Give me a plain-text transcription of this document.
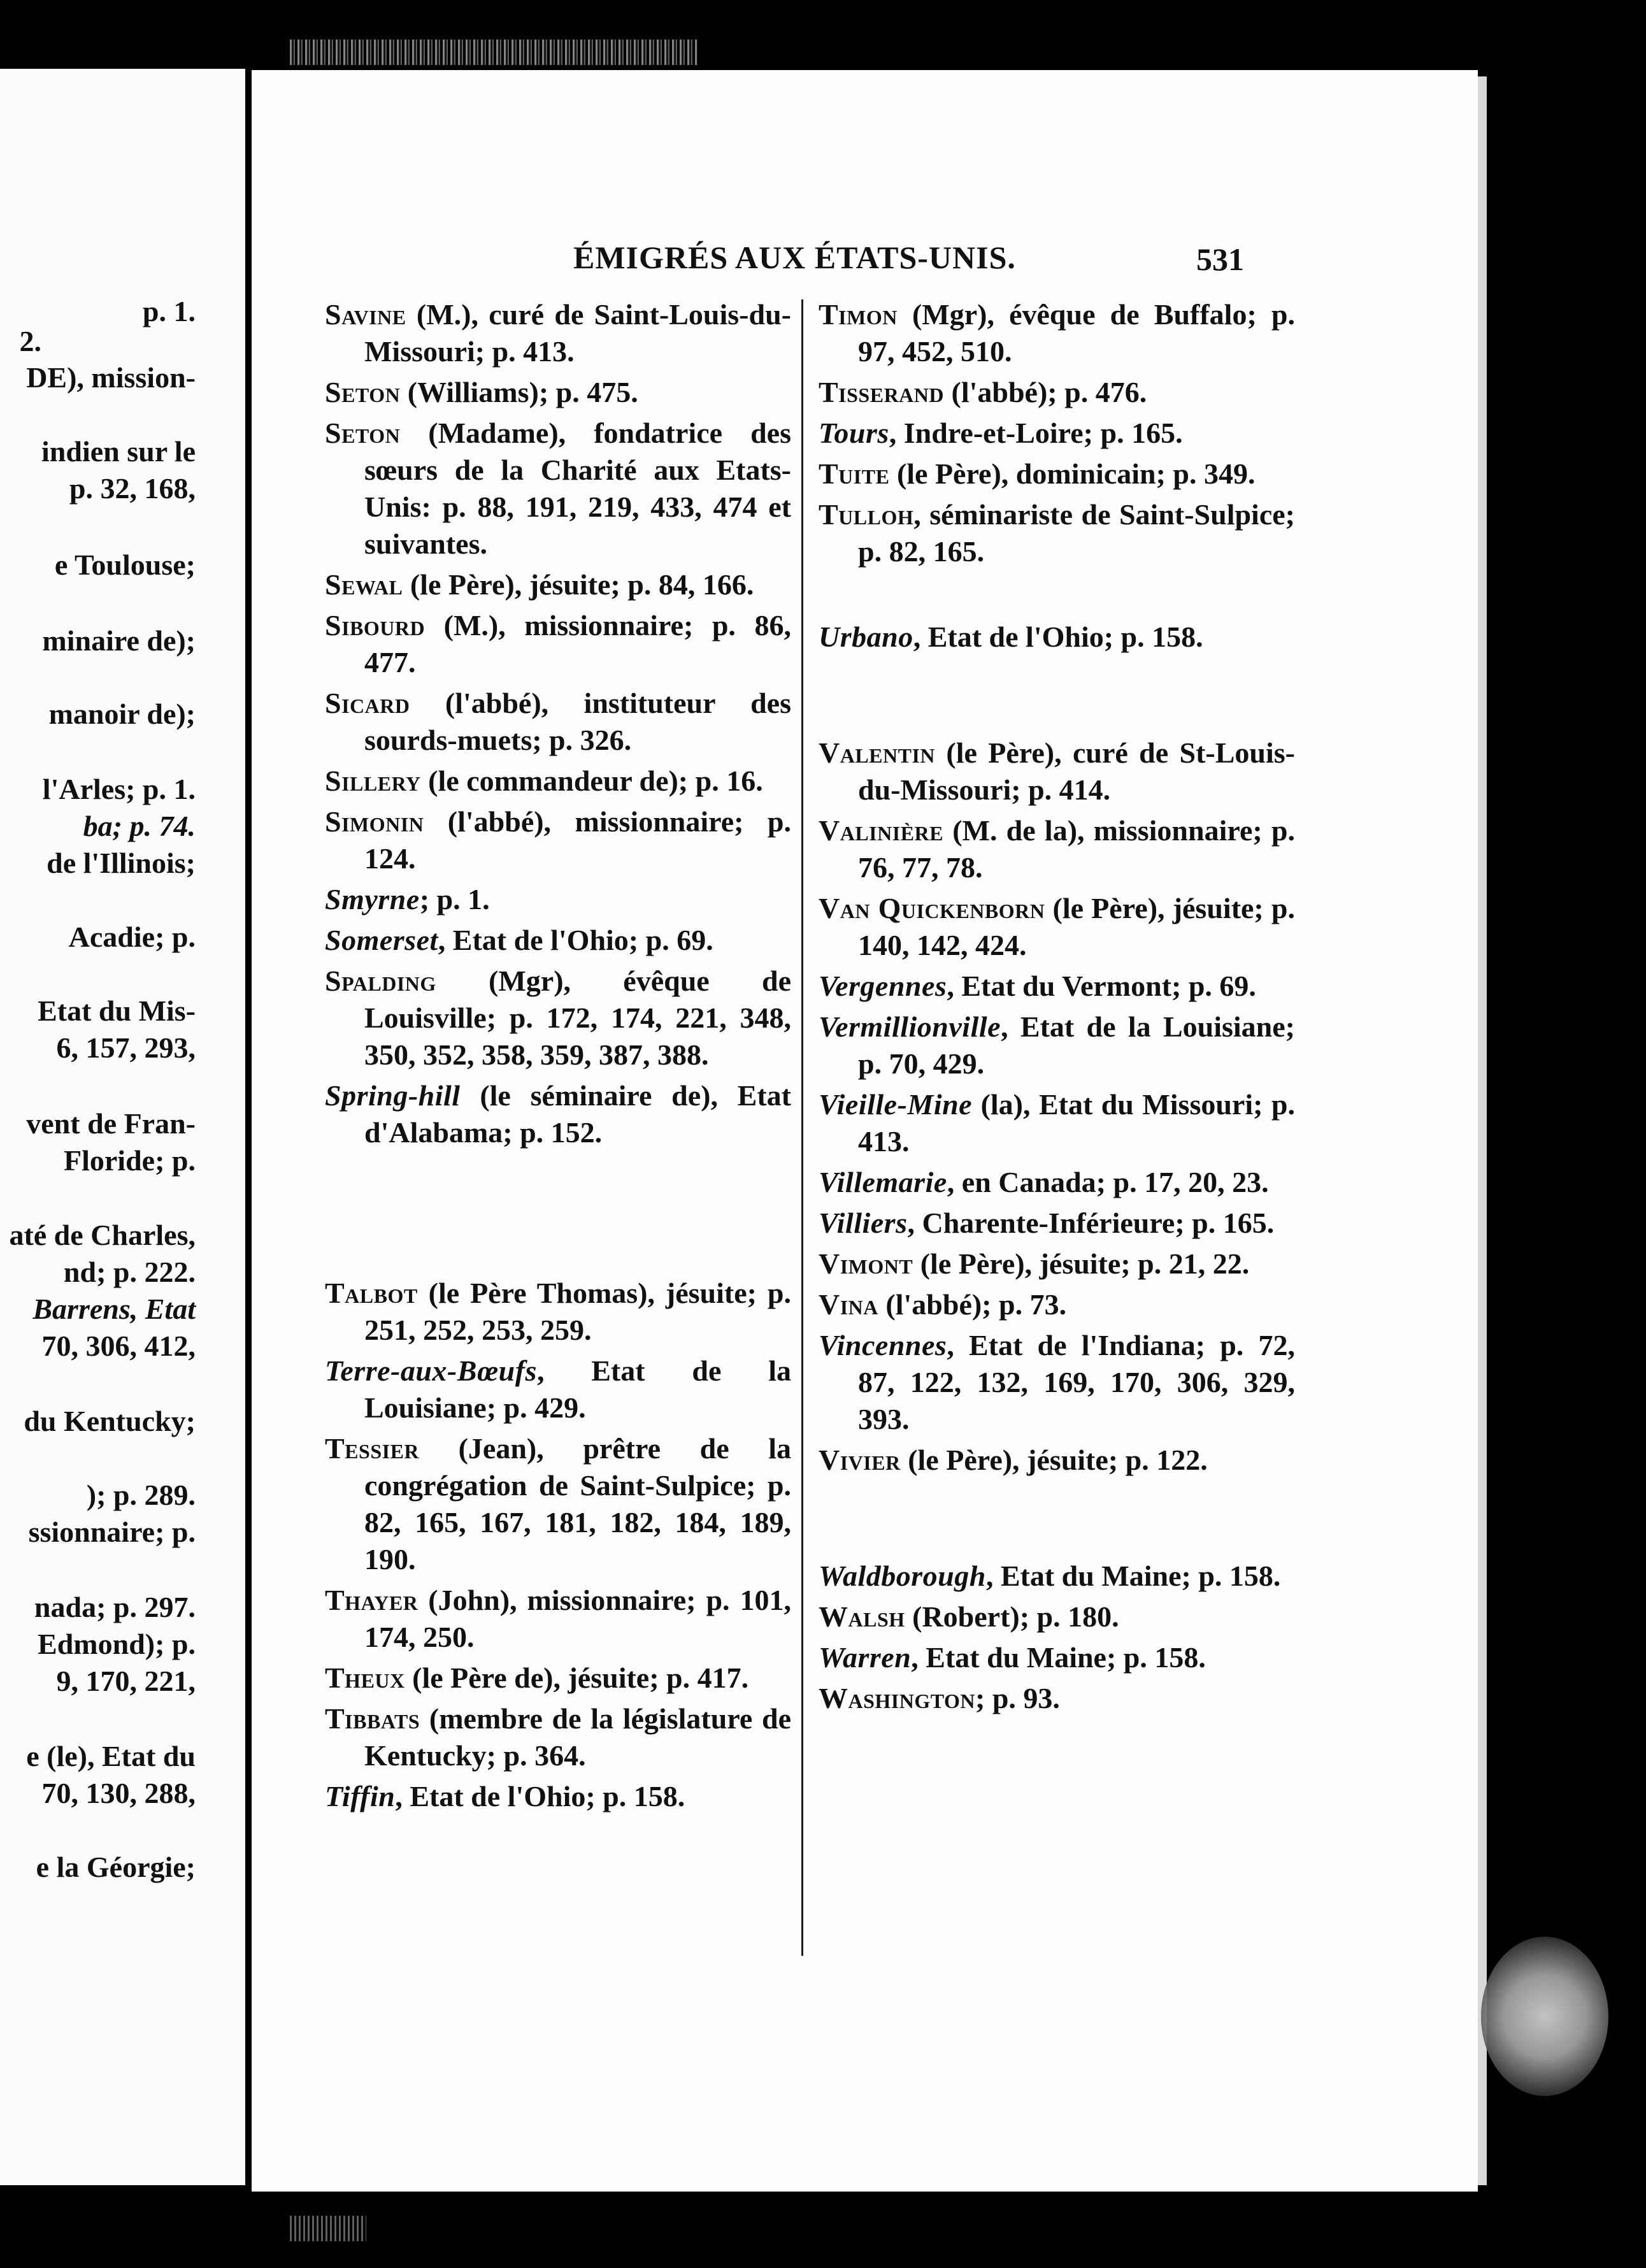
p. 1.
2.
DE), mission-
indien sur le
p. 32, 168,
e Toulouse;
minaire de);
manoir de);
l'Arles; p. 1.
ba; p. 74.
de l'Illinois;
Acadie; p.
Etat du Mis-
6, 157, 293,
vent de Fran-
Floride; p.
até de Charles,
nd; p. 222.
Barrens, Etat
70, 306, 412,
du Kentucky;
); p. 289.
ssionnaire; p.
nada; p. 297.
Edmond); p.
9, 170, 221,
e (le), Etat du
70, 130, 288,
e la Géorgie;
ÉMIGRÉS AUX ÉTATS-UNIS.	531
Savine (M.), curé de Saint-Louis-du-Missouri; p. 413.
Seton (Williams); p. 475.
Seton (Madame), fondatrice des sœurs de la Charité aux Etats-Unis: p. 88, 191, 219, 433, 474 et suivantes.
Sewal (le Père), jésuite; p. 84, 166.
Sibourd (M.), missionnaire; p. 86, 477.
Sicard (l'abbé), instituteur des sourds-muets; p. 326.
Sillery (le commandeur de); p. 16.
Simonin (l'abbé), missionnaire; p. 124.
Smyrne; p. 1.
Somerset, Etat de l'Ohio; p. 69.
Spalding (Mgr), évêque de Louisville; p. 172, 174, 221, 348, 350, 352, 358, 359, 387, 388.
Spring-hill (le séminaire de), Etat d'Alabama; p. 152.
Talbot (le Père Thomas), jésuite; p. 251, 252, 253, 259.
Terre-aux-Bœufs, Etat de la Louisiane; p. 429.
Tessier (Jean), prêtre de la congrégation de Saint-Sulpice; p. 82, 165, 167, 181, 182, 184, 189, 190.
Thayer (John), missionnaire; p. 101, 174, 250.
Theux (le Père de), jésuite; p. 417.
Tibbats (membre de la législature de Kentucky; p. 364.
Tiffin, Etat de l'Ohio; p. 158.
Timon (Mgr), évêque de Buffalo; p. 97, 452, 510.
Tisserand (l'abbé); p. 476.
Tours, Indre-et-Loire; p. 165.
Tuite (le Père), dominicain; p. 349.
Tulloh, séminariste de Saint-Sulpice; p. 82, 165.
Urbano, Etat de l'Ohio; p. 158.
Valentin (le Père), curé de St-Louis-du-Missouri; p. 414.
Valinière (M. de la), missionnaire; p. 76, 77, 78.
Van Quickenborn (le Père), jésuite; p. 140, 142, 424.
Vergennes, Etat du Vermont; p. 69.
Vermillionville, Etat de la Louisiane; p. 70, 429.
Vieille-Mine (la), Etat du Missouri; p. 413.
Villemarie, en Canada; p. 17, 20, 23.
Villiers, Charente-Inférieure; p. 165.
Vimont (le Père), jésuite; p. 21, 22.
Vina (l'abbé); p. 73.
Vincennes, Etat de l'Indiana; p. 72, 87, 122, 132, 169, 170, 306, 329, 393.
Vivier (le Père), jésuite; p. 122.
Waldborough, Etat du Maine; p. 158.
Walsh (Robert); p. 180.
Warren, Etat du Maine; p. 158.
Washington; p. 93.
